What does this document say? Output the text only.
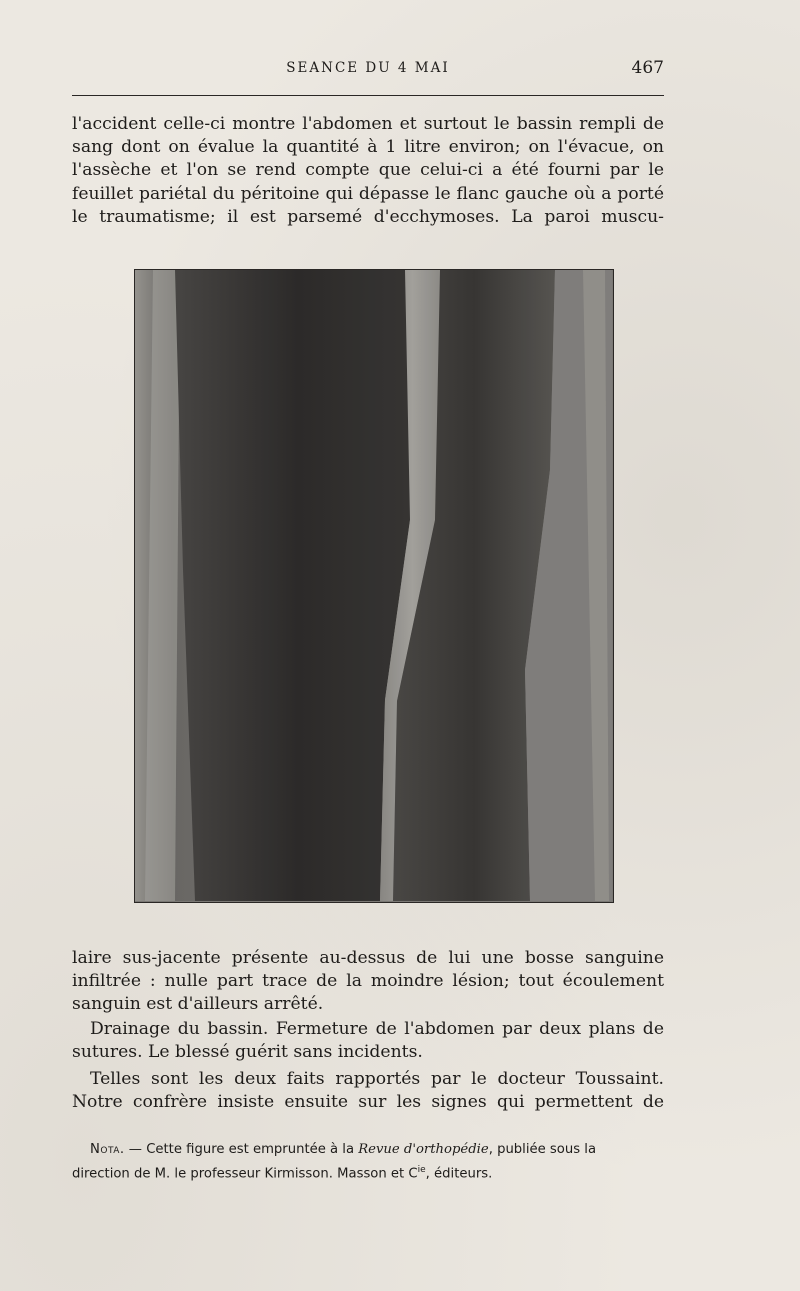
SEANCE DU 4 MAI	467
l'accident celle-ci montre l'abdomen et surtout le bassin rempli de
sang dont on évalue la quantité à 1 litre environ; on l'évacue, on
l'assèche et l'on se rend compte que celui-ci a été fourni par le
feuillet pariétal du péritoine qui dépasse le flanc gauche où a porté
le traumatisme; il est parsemé d'ecchymoses. La paroi muscu-
laire sus-jacente présente au-dessus de lui une bosse sanguine
infiltrée : nulle part trace de la moindre lésion; tout écoulement
sanguin est d'ailleurs arrêté.
Drainage du bassin. Fermeture de l'abdomen par deux plans de
sutures. Le blessé guérit sans incidents.
Telles sont les deux faits rapportés par le docteur Toussaint.
Notre confrère insiste ensuite sur les signes qui permettent de
Nota. — Cette figure est empruntée à la Revue d'orthopédie, publiée sous la
direction de M. le professeur Kirmisson. Masson et $C^{ie}$, éditeurs.
